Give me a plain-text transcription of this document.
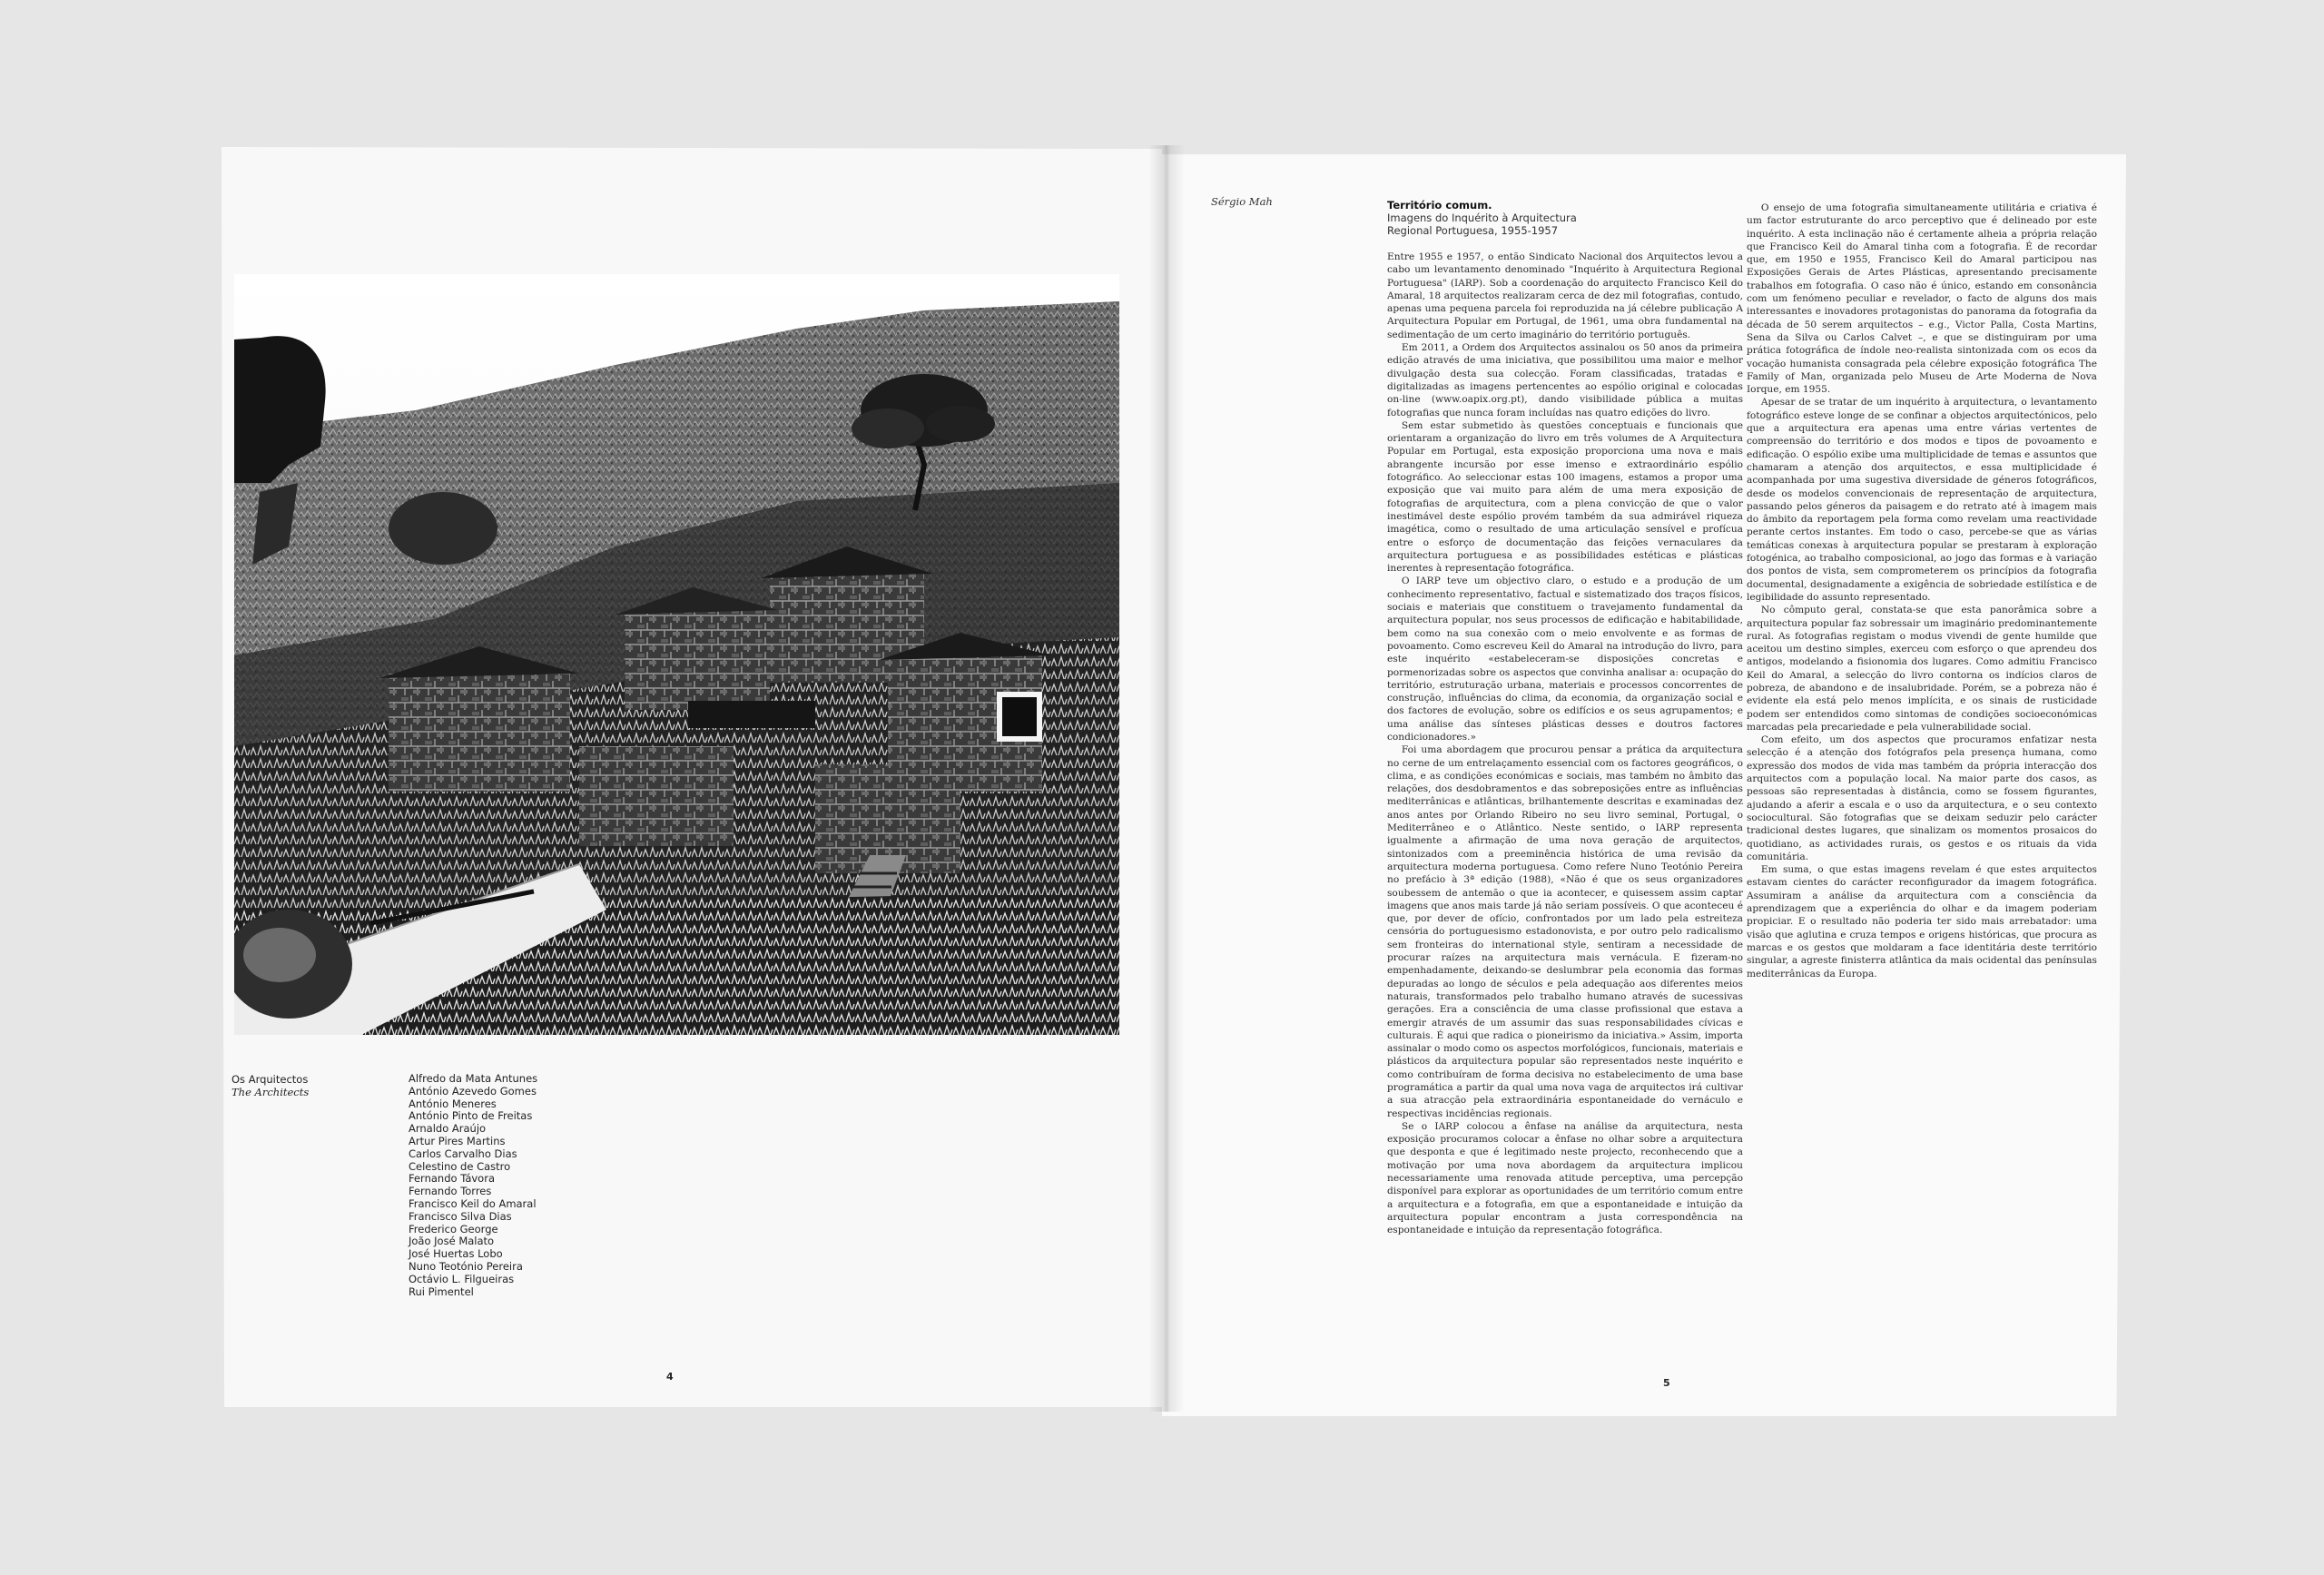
Os Arquitectos
The Architects
Alfredo da Mata Antunes
António Azevedo Gomes
António Meneres
António Pinto de Freitas
Arnaldo Araújo
Artur Pires Martins
Carlos Carvalho Dias
Celestino de Castro
Fernando Távora
Fernando Torres
Francisco Keil do Amaral
Francisco Silva Dias
Frederico George
João José Malato
José Huertas Lobo
Nuno Teotónio Pereira
Octávio L. Filgueiras
Rui Pimentel
4
Sérgio Mah	Território comum.
Imagens do Inquérito à Arquitectura
Regional Portuguesa, 1955-1957

Entre 1955 e 1957, o então Sindicato Nacional dos Arquitectos levou a cabo um levantamento denominado "Inquérito à Arquitectura Regional Portuguesa" (IARP). Sob a coordenação do arquitecto Francisco Keil do Amaral, 18 arquitectos realizaram cerca de dez mil fotografias, contudo, apenas uma pequena parcela foi reproduzida na já célebre publicação A Arquitectura Popular em Portugal, de 1961, uma obra fundamental na sedimentação de um certo imaginário do território português.

Em 2011, a Ordem dos Arquitectos assinalou os 50 anos da primeira edição através de uma iniciativa, que possibilitou uma maior e melhor divulgação desta sua colecção. Foram classificadas, tratadas e digitalizadas as imagens pertencentes ao espólio original e colocadas on-line (www.oapix.org.pt), dando visibilidade pública a muitas fotografias que nunca foram incluídas nas quatro edições do livro.

Sem estar submetido às questões conceptuais e funcionais que orientaram a organização do livro em três volumes de A Arquitectura Popular em Portugal, esta exposição proporciona uma nova e mais abrangente incursão por esse imenso e extraordinário espólio fotográfico. Ao seleccionar estas 100 imagens, estamos a propor uma exposição que vai muito para além de uma mera exposição de fotografias de arquitectura, com a plena convicção de que o valor inestimável deste espólio provém também da sua admirável riqueza imagética, como o resultado de uma articulação sensível e profícua entre o esforço de documentação das feições vernaculares da arquitectura portuguesa e as possibilidades estéticas e plásticas inerentes à representação fotográfica.

O IARP teve um objectivo claro, o estudo e a produção de um conhecimento representativo, factual e sistematizado dos traços físicos, sociais e materiais que constituem o travejamento fundamental da arquitectura popular, nos seus processos de edificação e habitabilidade, bem como na sua conexão com o meio envolvente e as formas de povoamento. Como escreveu Keil do Amaral na introdução do livro, para este inquérito «estabeleceram-se disposições concretas e pormenorizadas sobre os aspectos que convinha analisar a: ocupação do território, estruturação urbana, materiais e processos concorrentes de construção, influências do clima, da economia, da organização social e dos factores de evolução, sobre os edifícios e os seus agrupamentos; e uma análise das sínteses plásticas desses e doutros factores condicionadores.»

Foi uma abordagem que procurou pensar a prática da arquitectura no cerne de um entrelaçamento essencial com os factores geográficos, o clima, e as condições económicas e sociais, mas também no âmbito das relações, dos desdobramentos e das sobreposições entre as influências mediterrânicas e atlânticas, brilhantemente descritas e examinadas dez anos antes por Orlando Ribeiro no seu livro seminal, Portugal, o Mediterrâneo e o Atlântico. Neste sentido, o IARP representa igualmente a afirmação de uma nova geração de arquitectos, sintonizados com a preeminência histórica de uma revisão da arquitectura moderna portuguesa. Como refere Nuno Teotónio Pereira no prefácio à 3ª edição (1988), «Não é que os seus organizadores soubessem de antemão o que ia acontecer, e quisessem assim captar imagens que anos mais tarde já não seriam possíveis. O que aconteceu é que, por dever de ofício, confrontados por um lado pela estreiteza censória do portuguesismo estadonovista, e por outro pelo radicalismo sem fronteiras do international style, sentiram a necessidade de procurar raízes na arquitectura mais vernácula. E fizeram-no empenhadamente, deixando-se deslumbrar pela economia das formas depuradas ao longo de séculos e pela adequação aos diferentes meios naturais, transformados pelo trabalho humano através de sucessivas gerações. Era a consciência de uma classe profissional que estava a emergir através de um assumir das suas responsabilidades cívicas e culturais. É aqui que radica o pioneirismo da iniciativa.» Assim, importa assinalar o modo como os aspectos morfológicos, funcionais, materiais e plásticos da arquitectura popular são representados neste inquérito e como contribuíram de forma decisiva no estabelecimento de uma base programática a partir da qual uma nova vaga de arquitectos irá cultivar a sua atracção pela extraordinária espontaneidade do vernáculo e respectivas incidências regionais.

Se o IARP colocou a ênfase na análise da arquitectura, nesta exposição procuramos colocar a ênfase no olhar sobre a arquitectura que desponta e que é legitimado neste projecto, reconhecendo que a motivação por uma nova abordagem da arquitectura implicou necessariamente uma renovada atitude perceptiva, uma percepção disponível para explorar as oportunidades de um território comum entre a arquitectura e a fotografia, em que a espontaneidade e intuição da arquitectura popular encontram a justa correspondência na espontaneidade e intuição da representação fotográfica.

O ensejo de uma fotografia simultaneamente utilitária e criativa é um factor estruturante do arco perceptivo que é delineado por este inquérito. A esta inclinação não é certamente alheia a própria relação que Francisco Keil do Amaral tinha com a fotografia. É de recordar que, em 1950 e 1955, Francisco Keil do Amaral participou nas Exposições Gerais de Artes Plásticas, apresentando precisamente trabalhos em fotografia. O caso não é único, estando em consonância com um fenómeno peculiar e revelador, o facto de alguns dos mais interessantes e inovadores protagonistas do panorama da fotografia da década de 50 serem arquitectos – e.g., Victor Palla, Costa Martins, Sena da Silva ou Carlos Calvet –, e que se distinguiram por uma prática fotográfica de índole neo-realista sintonizada com os ecos da vocação humanista consagrada pela célebre exposição fotográfica The Family of Man, organizada pelo Museu de Arte Moderna de Nova Iorque, em 1955.

Apesar de se tratar de um inquérito à arquitectura, o levantamento fotográfico esteve longe de se confinar a objectos arquitectónicos, pelo que a arquitectura era apenas uma entre várias vertentes de compreensão do território e dos modos e tipos de povoamento e edificação. O espólio exibe uma multiplicidade de temas e assuntos que chamaram a atenção dos arquitectos, e essa multiplicidade é acompanhada por uma sugestiva diversidade de géneros fotográficos, desde os modelos convencionais de representação de arquitectura, passando pelos géneros da paisagem e do retrato até à imagem mais do âmbito da reportagem pela forma como revelam uma reactividade perante certos instantes. Em todo o caso, percebe-se que as várias temáticas conexas à arquitectura popular se prestaram à exploração fotogénica, ao trabalho composicional, ao jogo das formas e à variação dos pontos de vista, sem comprometerem os princípios da fotografia documental, designadamente a exigência de sobriedade estilística e de legibilidade do assunto representado.

No cômputo geral, constata-se que esta panorâmica sobre a arquitectura popular faz sobressair um imaginário predominantemente rural. As fotografias registam o modus vivendi de gente humilde que aceitou um destino simples, exerceu com esforço o que aprendeu dos antigos, modelando a fisionomia dos lugares. Como admitiu Francisco Keil do Amaral, a selecção do livro contorna os indícios claros de pobreza, de abandono e de insalubridade. Porém, se a pobreza não é evidente ela está pelo menos implícita, e os sinais de rusticidade podem ser entendidos como sintomas de condições socioeconómicas marcadas pela precariedade e pela vulnerabilidade social.

Com efeito, um dos aspectos que procuramos enfatizar nesta selecção é a atenção dos fotógrafos pela presença humana, como expressão dos modos de vida mas também da própria interacção dos arquitectos com a população local. Na maior parte dos casos, as pessoas são representadas à distância, como se fossem figurantes, ajudando a aferir a escala e o uso da arquitectura, e o seu contexto sociocultural. São fotografias que se deixam seduzir pelo carácter tradicional destes lugares, que sinalizam os momentos prosaicos do quotidiano, as actividades rurais, os gestos e os rituais da vida comunitária.

Em suma, o que estas imagens revelam é que estes arquitectos estavam cientes do carácter reconfigurador da imagem fotográfica. Assumiram a análise da arquitectura com a consciência da aprendizagem que a experiência do olhar e da imagem poderiam propiciar. E o resultado não poderia ter sido mais arrebatador: uma visão que aglutina e cruza tempos e origens históricas, que procura as marcas e os gestos que moldaram a face identitária deste território singular, a agreste finisterra atlântica da mais ocidental das penínsulas mediterrânicas da Europa.

5
